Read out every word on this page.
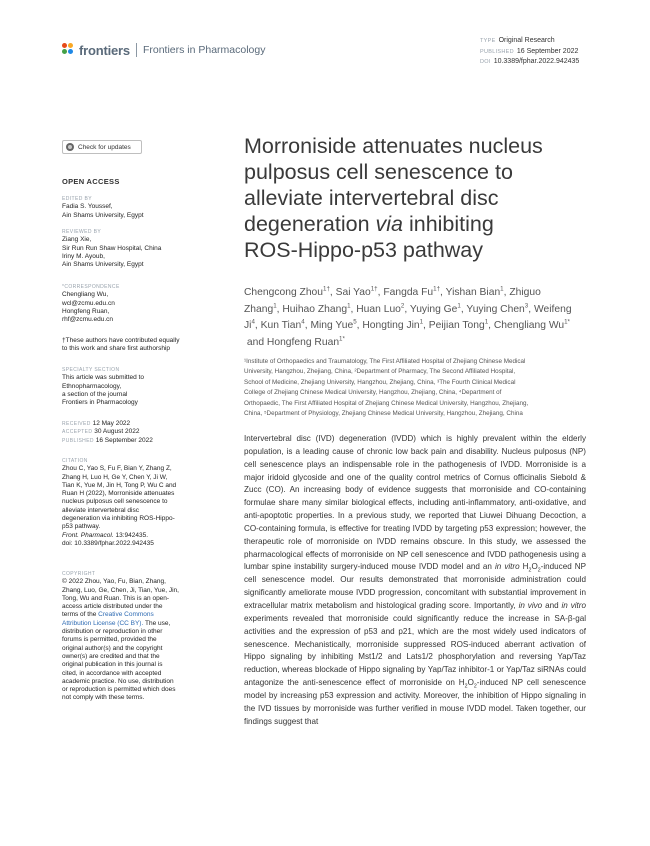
frontiers Frontiers in Pharmacology
TYPE Original Research
PUBLISHED 16 September 2022
DOI 10.3389/fphar.2022.942435
Check for updates
OPEN ACCESS
EDITED BY
Fadia S. Youssef,
Ain Shams University, Egypt
REVIEWED BY
Ziang Xie,
Sir Run Run Shaw Hospital, China
Iriny M. Ayoub,
Ain Shams University, Egypt
*CORRESPONDENCE
Chengliang Wu,
wcl@zcmu.edu.cn
Hongfeng Ruan,
rhf@zcmu.edu.cn
†These authors have contributed equally
to this work and share first authorship
SPECIALTY SECTION
This article was submitted to
Ethnopharmacology,
a section of the journal
Frontiers in Pharmacology
RECEIVED 12 May 2022
ACCEPTED 30 August 2022
PUBLISHED 16 September 2022
CITATION
Zhou C, Yao S, Fu F, Bian Y, Zhang Z,
Zhang H, Luo H, Ge Y, Chen Y, Ji W,
Tian K, Yue M, Jin H, Tong P, Wu C and
Ruan H (2022), Morroniside attenuates
nucleus pulposus cell senescence to
alleviate intervertebral disc
degeneration via inhibiting ROS-Hippo-
p53 pathway.
Front. Pharmacol. 13:942435.
doi: 10.3389/fphar.2022.942435
COPYRIGHT
© 2022 Zhou, Yao, Fu, Bian, Zhang,
Zhang, Luo, Ge, Chen, Ji, Tian, Yue, Jin,
Tong, Wu and Ruan. This is an open-
access article distributed under the
terms of the Creative Commons
Attribution License (CC BY). The use,
distribution or reproduction in other
forums is permitted, provided the
original author(s) and the copyright
owner(s) are credited and that the
original publication in this journal is
cited, in accordance with accepted
academic practice. No use, distribution
or reproduction is permitted which does
not comply with these terms.
Morroniside attenuates nucleus
pulposus cell senescence to
alleviate intervertebral disc
degeneration via inhibiting
ROS-Hippo-p53 pathway
Chengcong Zhou$^{1\dagger}$, Sai Yao$^{1\dagger}$, Fangda $Fu^{1\dagger}$, Yishan Bian$^1$, Zhiguo Zhang$^1$, Huihao Zhang$^1$, Huan Luo$^2$, Yuying Ge$^1$, Yuying Chen$^3$, Weifeng Ji$^4$, Kun Tian$^4$, Ming Yue$^5$, Hongting Jin$^1$, Peijian Tong$^1$, Chengliang $Wu^{1*}$ and Hongfeng Ruan$^{1*}$
¹Institute of Orthopaedics and Traumatology, The First Affiliated Hospital of Zhejiang Chinese Medical
University, Hangzhou, Zhejiang, China, ²Department of Pharmacy, The Second Affiliated Hospital,
School of Medicine, Zhejiang University, Hangzhou, Zhejiang, China, ³The Fourth Clinical Medical
College of Zhejiang Chinese Medical University, Hangzhou, Zhejiang, China, ⁴Department of
Orthopaedic, The First Affiliated Hospital of Zhejiang Chinese Medical University, Hangzhou, Zhejiang,
China, ⁵Department of Physiology, Zhejiang Chinese Medical University, Hangzhou, Zhejiang, China

Intervertebral disc (IVD) degeneration (IVDD) which is highly prevalent within the elderly population, is a leading cause of chronic low back pain and disability. Nucleus pulposus (NP) cell senescence plays an indispensable role in the pathogenesis of IVDD. Morroniside is a major iridoid glycoside and one of the quality control metrics of Cornus officinalis Siebold & Zucc (CO). An increasing body of evidence suggests that morroniside and CO-containing formulae share many similar biological effects, including anti-inflammatory, anti-oxidative, and anti-apoptotic properties. In a previous study, we reported that Liuwei Dihuang Decoction, a CO-containing formula, is effective for treating IVDD by targeting p53 expression; however, the therapeutic role of morroniside on IVDD remains obscure. In this study, we assessed the pharmacological effects of morroniside on NP cell senescence and IVDD pathogenesis using a lumbar spine instability surgery-induced mouse IVDD model and an in vitro $H_2O_2$-induced NP cell senescence model. Our results demonstrated that morroniside administration could significantly ameliorate mouse IVDD progression, concomitant with substantial improvement in extracellular matrix metabolism and histological grading score. Importantly, in vivo and in vitro experiments revealed that morroniside could significantly reduce the increase in SA-β-gal activities and the expression of p53 and p21, which are the most widely used indicators of senescence. Mechanistically, morroniside suppressed ROS-induced aberrant activation of Hippo signaling by inhibiting Mst1/2 and Lats1/2 phosphorylation and reversing Yap/Taz reduction, whereas blockade of Hippo signaling by Yap/Taz inhibitor-1 or Yap/Taz siRNAs could antagonize the anti-senescence effect of morroniside on $H_2O_2$-induced NP cell senescence model by increasing p53 expression and activity. Moreover, the inhibition of Hippo signaling in the IVD tissues by morroniside was further verified in mouse IVDD model. Taken together, our findings suggest that
